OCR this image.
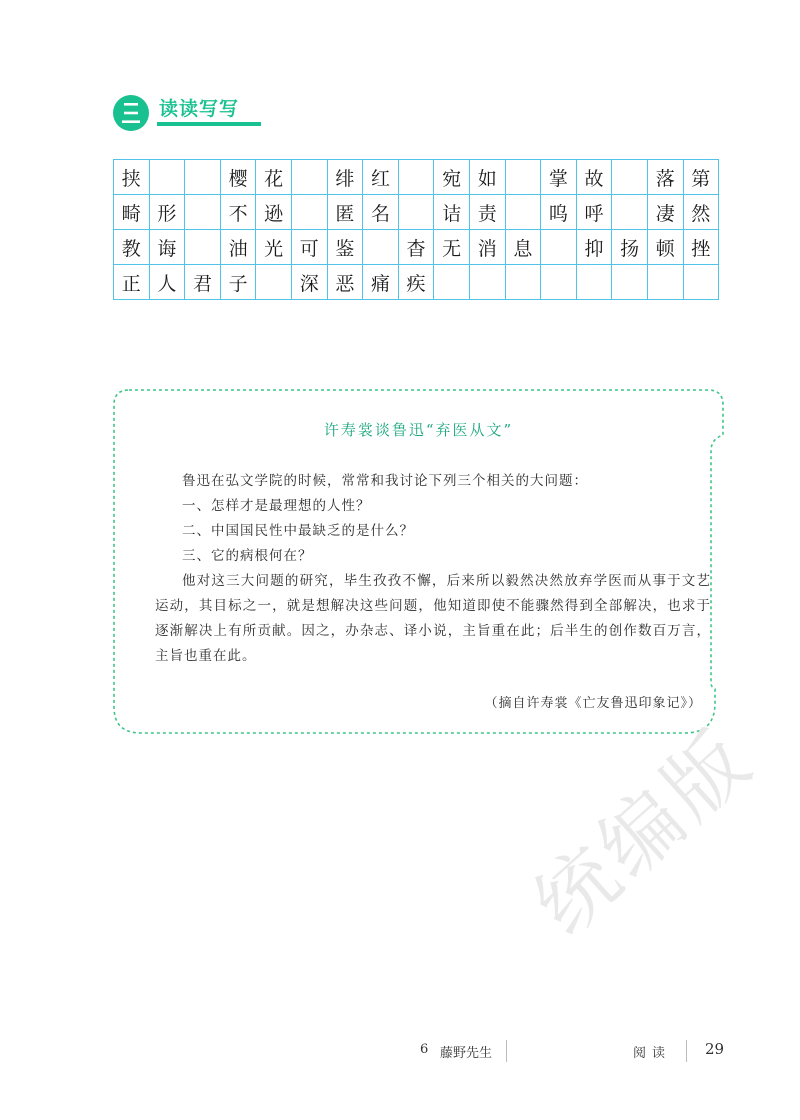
读读写写
挟			樱	花		绯	红		宛	如		掌	故		落	第
畸	形		不	逊		匿	名		诘	责		呜	呼		凄	然
教	诲		油	光	可	鉴		杳	无	消	息		抑	扬	顿	挫
正	人	君	子		深	恶	痛	疾								
许寿裳谈鲁迅“弃医从文”

鲁迅在弘文学院的时候，常常和我讨论下列三个相关的大问题：

一、怎样才是最理想的人性？

二、中国国民性中最缺乏的是什么？

三、它的病根何在？

他对这三大问题的研究，毕生孜孜不懈，后来所以毅然决然放弃学医而从事于文艺运动，其目标之一，就是想解决这些问题，他知道即使不能骤然得到全部解决，也求于逐渐解决上有所贡献。因之，办杂志、译小说，主旨重在此；后半生的创作数百万言，主旨也重在此。

（摘自许寿裳《亡友鲁迅印象记》）
统编版
6 藤野先生	阅读 29
